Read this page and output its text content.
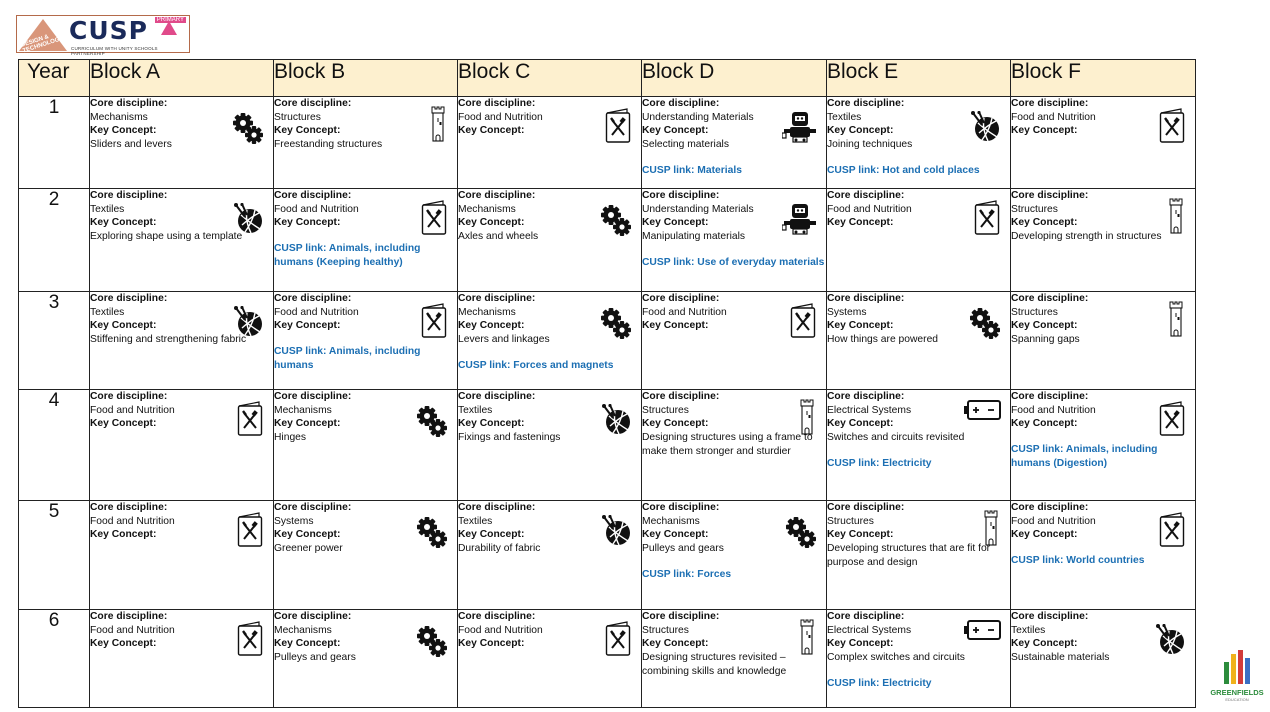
DESIGN & TECHNOLOGY
CUSP	PRIMARY
CURRICULUM WITH UNITY SCHOOLS PARTNERSHIP
Year	Block A	Block B	Block C	Block D	Block E	Block F
1	Core discipline:
Mechanisms
Key Concept:
Sliders and levers	Core discipline:
Structures
Key Concept:
Freestanding structures	Core discipline:
Food and Nutrition
Key Concept:	Core discipline:
Understanding Materials
Key Concept:
Selecting materials
CUSP link: Materials	Core discipline:
Textiles
Key Concept:
Joining techniques
CUSP link: Hot and cold places	Core discipline:
Food and Nutrition
Key Concept:

2	Core discipline:
Textiles
Key Concept:
Exploring shape using a template	Core discipline:
Food and Nutrition
Key Concept:
CUSP link: Animals, including humans (Keeping healthy)	Core discipline:
Mechanisms
Key Concept:
Axles and wheels	Core discipline:
Understanding Materials
Key Concept:
Manipulating materials
CUSP link: Use of everyday materials	Core discipline:
Food and Nutrition
Key Concept:	Core discipline:
Structures
Key Concept:
Developing strength in structures

3	Core discipline:
Textiles
Key Concept:
Stiffening and strengthening fabric	Core discipline:
Food and Nutrition
Key Concept:
CUSP link: Animals, including humans	Core discipline:
Mechanisms
Key Concept:
Levers and linkages
CUSP link: Forces and magnets	Core discipline:
Food and Nutrition
Key Concept:	Core discipline:
Systems
Key Concept:
How things are powered	Core discipline:
Structures
Key Concept:
Spanning gaps

4	Core discipline:
Food and Nutrition
Key Concept:	Core discipline:
Mechanisms
Key Concept:
Hinges	Core discipline:
Textiles
Key Concept:
Fixings and fastenings	Core discipline:
Structures
Key Concept:
Designing structures using a frame to make them stronger and sturdier	Core discipline:
Electrical Systems
Key Concept:
Switches and circuits revisited
CUSP link: Electricity	Core discipline:
Food and Nutrition
Key Concept:
CUSP link: Animals, including humans (Digestion)

5	Core discipline:
Food and Nutrition
Key Concept:	Core discipline:
Systems
Key Concept:
Greener power	Core discipline:
Textiles
Key Concept:
Durability of fabric	Core discipline:
Mechanisms
Key Concept:
Pulleys and gears
CUSP link: Forces	Core discipline:
Structures
Key Concept:
Developing structures that are fit for purpose and design	Core discipline:
Food and Nutrition
Key Concept:
CUSP link: World countries

6	Core discipline:
Food and Nutrition
Key Concept:	Core discipline:
Mechanisms
Key Concept:
Pulleys and gears	Core discipline:
Food and Nutrition
Key Concept:	Core discipline:
Structures
Key Concept:
Designing structures revisited – combining skills and knowledge	Core discipline:
Electrical Systems
Key Concept:
Complex switches and circuits
CUSP link: Electricity	Core discipline:
Textiles
Key Concept:
Sustainable materials
GREENFIELDS
EDUCATION
